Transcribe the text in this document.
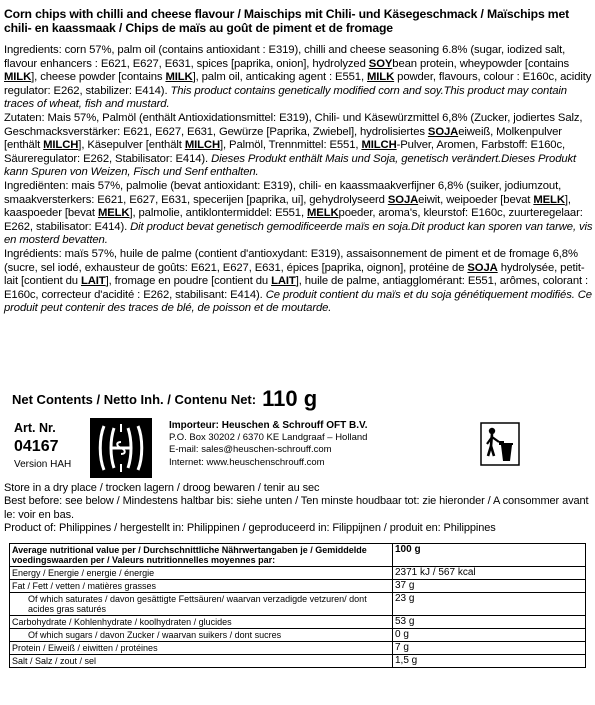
Corn chips with chilli and cheese flavour / Maischips mit Chili- und Käsegeschmack / Maïschips met chili- en kaassmaak / Chips de maïs au goût de piment et de fromage

Ingredients: corn 57%, palm oil (contains antioxidant : E319), chilli and cheese seasoning 6.8% (sugar, iodized salt, flavour enhancers : E621, E627, E631, spices [paprika, onion], hydrolyzed SOYbean protein, wheypowder [contains MILK], cheese powder [contains MILK], palm oil, anticaking agent : E551, MILK powder, flavours, colour : E160c, acidity regulator: E262, stabilizer: E414). This product contains genetically modified corn and soy.This product may contain traces of wheat, fish and mustard.

Zutaten: Mais 57%, Palmöl (enthält Antioxidationsmittel: E319), Chili- und Käsewürzmittel 6,8% (Zucker, jodiertes Salz, Geschmacksverstärker: E621, E627, E631, Gewürze [Paprika, Zwiebel], hydrolisiertes SOJAeiweiß, Molkenpulver [enthält MILCH], Käsepulver [enthält MILCH], Palmöl, Trennmittel: E551, MILCH-Pulver, Aromen, Farbstoff: E160c, Säureregulator: E262, Stabilisator: E414). Dieses Produkt enthält Mais und Soja, genetisch verändert.Dieses Produkt kann Spuren von Weizen, Fisch und Senf enthalten.

Ingrediënten: mais 57%, palmolie (bevat antioxidant: E319), chili- en kaassmaakverfijner 6,8% (suiker, jodiumzout, smaakversterkers: E621, E627, E631, specerijen [paprika, ui], gehydrolyseerd SOJAeiwit, weipoeder [bevat MELK], kaaspoeder [bevat MELK], palmolie, antiklontermiddel: E551, MELKpoeder, aroma's, kleurstof: E160c, zuurteregelaar: E262, stabilisator: E414). Dit product bevat genetisch gemodificeerde maïs en soja.Dit product kan sporen van tarwe, vis en mosterd bevatten.

Ingrédients: maïs 57%, huile de palme (contient d'antioxydant: E319), assaisonnement de piment et de fromage 6,8% (sucre, sel iodé, exhausteur de goûts: E621, E627, E631, épices [paprika, oignon], protéine de SOJA hydrolysée, petit-lait [contient du LAIT], fromage en poudre [contient du LAIT], huile de palme, antiagglomérant: E551, arômes, colorant : E160c, correcteur d'acidité : E262, stabilisant: E414). Ce produit contient du maïs et du soja génétiquement modifiés. Ce produit peut contenir des traces de blé, de poisson et de moutarde.

Net Contents / Netto Inh. / Contenu Net: 110 g
Art. Nr.
04167
Version HAH
Importeur: Heuschen & Schrouff OFT B.V.
P.O. Box 30202 / 6370 KE Landgraaf – Holland
E-mail: sales@heuschen-schrouff.com
Internet: www.heuschenschrouff.com

Store in a dry place / trocken lagern / droog bewaren / tenir au sec

Best before: see below / Mindestens haltbar bis: siehe unten / Ten minste houdbaar tot: zie hieronder / A consommer avant le: voir en bas.

Product of: Philippines / hergestellt in: Philippinen / geproduceerd in: Filippijnen / produit en: Philippines

Average nutritional value per / Durchschnittliche Nährwertangaben je / Gemiddelde voedingswaarden per / Valeurs nutritionnelles moyennes par:	100 g
Energy / Energie / energie / énergie	2371 kJ / 567 kcal
Fat / Fett / vetten / matières grasses	37 g
Of which saturates / davon gesättigte Fettsäuren/ waarvan verzadigde vetzuren/ dont acides gras saturés	23 g
Carbohydrate / Kohlenhydrate / koolhydraten / glucides	53 g
Of which sugars / davon Zucker / waarvan suikers / dont sucres	0 g
Protein / Eiweiß / eiwitten / protéines	7 g
Salt / Salz / zout / sel	1,5 g
